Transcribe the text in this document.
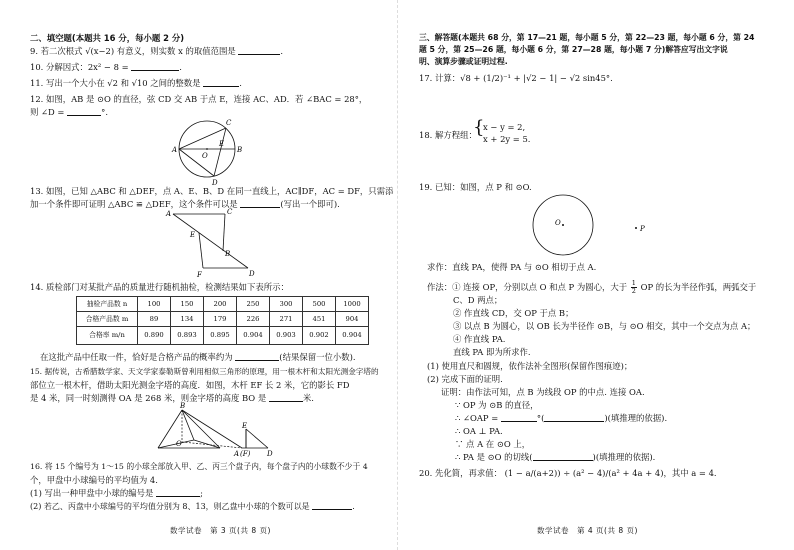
二、填空题(本题共 16 分，每小题 2 分)
9. 若二次根式 √(x−2) 有意义，则实数 x 的取值范围是	.
10. 分解因式：2x² − 8 =	.
11. 写出一个大小在 √2 和 √10 之间的整数是	.
12. 如图，AB 是 ⊙O 的直径，弦 CD 交 AB 于点 E，连接 AC、AD．若 ∠BAC = 28°，
则 ∠D =	°.
A	B
C
D
E
O
13. 如图，已知 △ABC 和 △DEF，点 A、E、B、D 在同一直线上，AC∥DF，AC = DF，只需添
加一个条件即可证明 △ABC ≌ △DEF，这个条件可以是	(写出一个即可).
A	C
E
B
F	D
14. 质检部门对某批产品的质量进行随机抽检，检测结果如下表所示：
抽检产品数 n	100	150	200	250	300	500	1000
合格产品数 m	89	134	179	226	271	451	904
合格率 m/n	0.890	0.893	0.895	0.904	0.903	0.902	0.904
在这批产品中任取一件，恰好是合格产品的概率约为	(结果保留一位小数).
15. 据传说，古希腊数学家、天文学家泰勒斯曾利用相似三角形的原理，用一根木杆和太阳光测金字塔的
部位立一根木杆，借助太阳光测金字塔的高度．如图，木杆 EF 长 2 米，它的影长 FD
是 4 米，同一时刻测得 OA 是 268 米，则金字塔的高度 BO 是	米.
B
O
A (F)
E
D
16. 将 15 个编号为 1～15 的小球全部放入甲、乙、丙三个盘子内，每个盘子内的小球数不少于 4
个，甲盘中小球编号的平均值为 4.
(1) 写出一种甲盘中小球的编号是	;
(2) 若乙、丙盘中小球编号的平均值分别为 8、13，则乙盘中小球的个数可以是	.
数学试卷　第 3 页(共 8 页)
三、解答题(本题共 68 分，第 17—21 题，每小题 5 分，第 22—23 题，每小题 6 分，第 24
题 5 分，第 25—26 题，每小题 6 分，第 27—28 题，每小题 7 分)解答应写出文字说
明、演算步骤或证明过程.
17. 计算：√8 + (1/2)⁻¹ + |√2 − 1| − √2 sin45°.
18. 解方程组：
{
x − y = 2,
x + 2y = 5.
19. 已知：如图，点 P 和 ⊙O.
O
P
求作：直线 PA，使得 PA 与 ⊙O 相切于点 A.
作法：① 连接 OP，分别以点 O 和点 P 为圆心，大于 $\frac{1}{2}$ OP 的长为半径作弧，两弧交于
C、D 两点；
② 作直线 CD，交 OP 于点 B；
③ 以点 B 为圆心，以 OB 长为半径作 ⊙B，与 ⊙O 相交，其中一个交点为点 A；
④ 作直线 PA.
直线 PA 即为所求作.
(1) 使用直尺和圆规，依作法补全图形(保留作图痕迹)；
(2) 完成下面的证明.
证明：由作法可知，点 B 为线段 OP 的中点. 连接 OA.
∵ OP 为 ⊙B 的直径，
∴ ∠OAP =	°(	)(填推理的依据).
∴ OA ⊥ PA.
∵ 点 A 在 ⊙O 上，
∴ PA 是 ⊙O 的切线(	)(填推理的依据).
20. 先化简，再求值： (1 − a/(a+2)) ÷ (a² − 4)/(a² + 4a + 4)，其中 a = 4.
数学试卷　第 4 页(共 8 页)
